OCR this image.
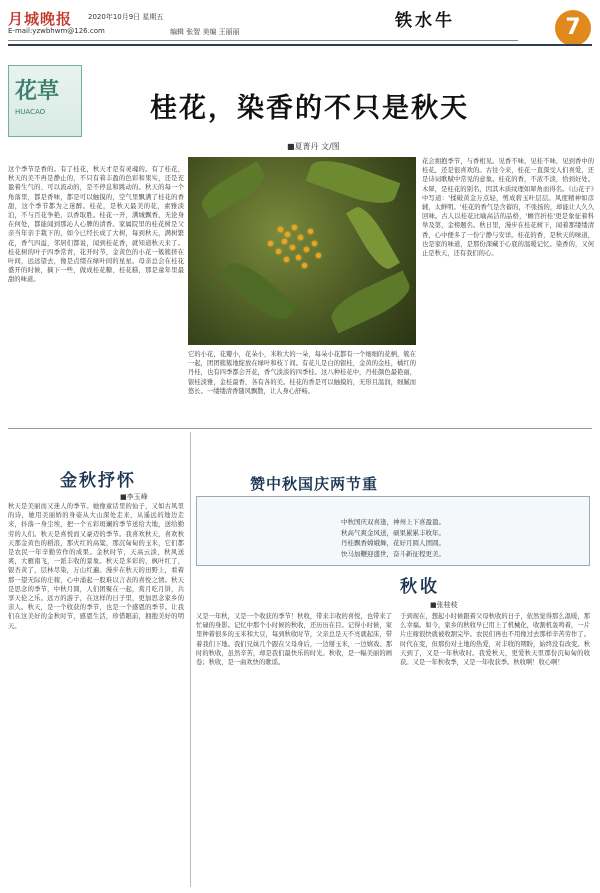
月城晚报 2020年10月9日 星期五
E-mail:yzwbhwm@126.com	编辑 张智 美编 王丽丽
铁水牛	7
花草
HUACAO	桂花，染香的不只是秋天
■夏菁丹 文/图
这个季节是香的。有了桂花，秋天才是有灵魂的。有了桂花，秋天的美不再是静止的，不只有着丰盈的色彩和果实，还是充盈着生气的、可以流动的，是不停息和跳动的。秋天的每一个角落里，都是香味，都是可以触摸的，空气里飘满了桂花的香甜，这个季节都为之迷醉。桂花，是秋天最美的花，素雅淡泊，不与百花争艳，以香取胜。桂花一开，满城飘香，无论身在何处，都能闻到那沁人心脾的清香。家属院里的桂花树是父亲当年亲手栽下的，如今已经长成了大树，每到秋天，满树繁花，香气四溢，邻居们都说，闻到桂花香，就知道秋天来了。桂花树的叶子四季常青，花开时节，金黄色的小花一簇簇挤在叶间，远远望去，像是点缀在绿叶间的星星。母亲总会在桂花盛开的时候，摘下一些，做成桂花糖、桂花糕，那是童年里最甜的味道。
它的小花，花瓣小，花朵小，米粒大的一朵，每朵小花都有一个细细的花柄，簇在一起，团团簇簇地绽放在绿叶和枝丫间。有花儿是白的银桂，金黄的金桂，橘红的丹桂，也有四季都会开花，香气淡淡的四季桂。这八种桂花中，丹桂颜色最艳丽，银桂淡雅，金桂最香，各有各的美。桂花的香是可以触摸的，无形且温润，细腻而悠长。一缕缕清香随风飘散，让人身心舒畅。
花会拥抱季节，与香相见。见香不味，见桂不味，见到香中的桂花，还是很喜欢的。古往今来，桂花一直深受人们喜爱，还是诗词歌赋中常见的意象。桂花的香，不浓不淡，恰到好处。木犀，是桂花的别名，因其木质纹理如犀角而得名。《山花子》中写道：'揉破黄金万点轻，剪成碧玉叶层层。风度精神如彦辅，太鲜明。'桂花的香气是含蓄的，不张扬的，却能让人久久回味。古人以桂花比喻高洁的品格，'蟾宫折桂'更是象征着科举及第，金榜题名。秋日里，漫步在桂花树下，闻着那缕缕清香，心中便多了一份宁静与安详。桂花的香，是秋天的味道，也是家的味道，是那份深藏于心底的温暖记忆。染香的，又何止是秋天，还有我们的心。
金秋抒怀
■李玉峰
秋天是美丽而又迷人的季节。她像童话里的仙子，又如古风里的诗，她用美丽娇的身姿从大山深处走来，从遥远的地边走来，抖落一身尘埃，把一个五彩斑斓的季节送给大地，送给勤劳的人们。秋天是喜悦而又豪迈的季节。我喜欢秋天，喜欢秋天那金黄色的稻浪，那火红的高粱，那沉甸甸的玉米，它们都是农民一年辛勤劳作的成果。金秋时节，天高云淡，秋风送爽，大雁南飞，一派丰收的景象。秋天是多彩的，枫叶红了，银杏黄了，层林尽染，万山红遍。漫步在秋天的田野上，看着那一望无际的庄稼，心中涌起一股难以言表的喜悦之情。秋天是思念的季节，中秋月圆，人们团聚在一起，赏月吃月饼，共享天伦之乐。远方的游子，在这样的日子里，更加思念家乡的亲人。秋天，是一个收获的季节，也是一个感恩的季节。让我们在这美好的金秋时节，感恩生活，珍惜眼前，拥抱美好的明天。
赞中秋国庆两节重
中秋国庆双喜逢，神州上下喜盈盈。
秋高气爽金风送，硕果累累丰收年。
丹桂飘香嫦娥舞，花好月圆人团圆。
快马加鞭迎盛世，奋斗新征程更美。
秋收
■张桂枝
又是一年秋，又是一个收获的季节！秋收，带来丰收的喜悦，也带来了忙碌的身影。记忆中那个小时候的秋收，还历历在目。记得小时候，家里种着很多的玉米和大豆，每到秋收时节，父亲总是天不亮就起床，带着我们下地。我们兄妹几个跟在父母身后，一边掰玉米，一边嬉戏。那时的秋收，虽然辛苦，却是我们最快乐的时光。秋收，是一幅美丽的画卷；秋收，是一曲欢快的歌谣。
于到现在，想起小时候跟着父母秋收的日子，依然觉得那么温暖，那么幸福。如今，家乡的秋收早已用上了机械化，收割机轰鸣着，一片片庄稼很快就被收割完毕。农民们再也不用像过去那样辛苦劳作了。时代在变，但那份对土地的热爱，对丰收的期盼，始终没有改变。秋天到了，又是一年秋收时。我爱秋天，更爱秋天里那份沉甸甸的收获。又是一年秋收季，又是一年收获季。秋收啊！收心啊！
